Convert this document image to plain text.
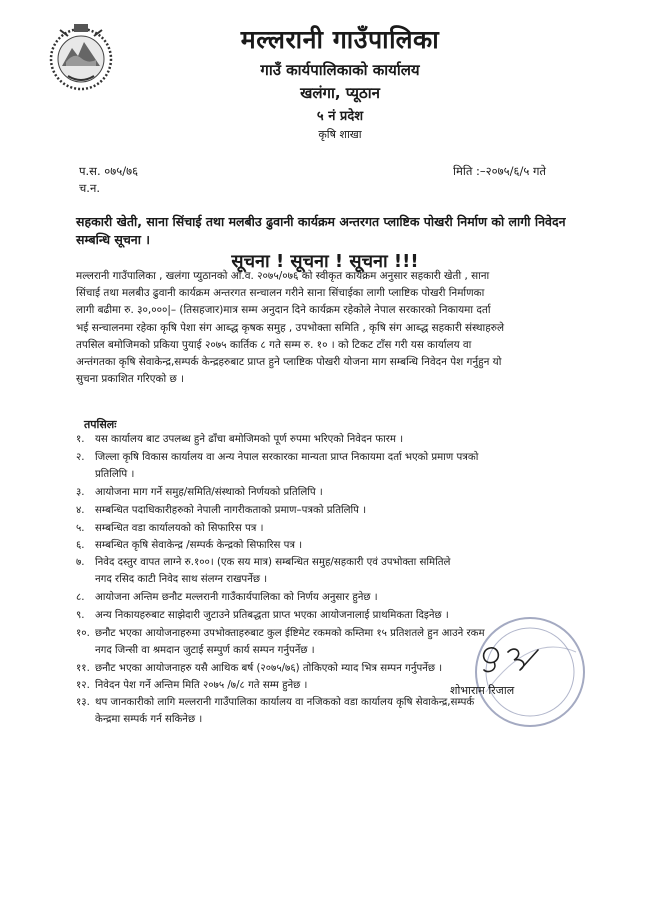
मल्लरानी गाउँपालिका
गाउँ कार्यपालिकाको कार्यालय
खलंगा, प्यूठान
५ नं प्रदेश
कृषि शाखा
प.स. ०७५/७६
च.न.
मिति :–२०७५/६/५ गते
सहकारी खेती, साना सिंचाई तथा मलबीउ ढुवानी कार्यक्रम अन्तरगत प्लाष्टिक पोखरी निर्माण को लागी निवेदन सम्बन्धि सूचना ।
सूचना ! सूचना ! सूचना !!!
मल्लरानी गाउँपालिका , खलंगा प्युठानको आ.व. २०७५/०७६ को स्वीकृत कार्यक्रम अनुसार सहकारी खेती , साना
सिंचाई तथा मलबीउ ढुवानी कार्यक्रम अन्तरगत सन्चालन गरीने साना सिंचाईका लागी प्लाष्टिक पोखरी निर्माणका
लागी बढीमा रु. ३०,०००|– (तिसहजार)मात्र सम्म अनुदान दिने कार्यक्रम रहेकोले नेपाल सरकारको निकायमा दर्ता
भई सन्चालनमा रहेका कृषि पेशा संग आब्द्ध कृषक समुह , उपभोक्ता समिति , कृषि संग आब्द्ध सहकारी संस्थाहरुले
तपसिल बमोजिमको प्रकिया पुयाई २०७५ कार्तिक ८ गते सम्म रु. १० । को टिकट टाँस गरी यस कार्यालय वा
अन्तंगतका कृषि सेवाकेन्द्र,सम्पर्क केन्द्रहरुबाट प्राप्त हुने प्लाष्टिक पोखरी योजना माग सम्बन्धि निवेदन पेश गर्नुहुन यो
सुचना प्रकाशित गरिएको छ ।
तपसिलः
१.	यस कार्यालय बाट उपलब्ध हुने ढाँचा बमोजिमको पूर्ण रुपमा भरिएको निवेदन फारम ।
२.	जिल्ला कृषि विकास कार्यालय वा अन्य नेपाल सरकारका मान्यता प्राप्त निकायमा दर्ता भएको प्रमाण पत्रको
प्रतिलिपि ।
३.	आयोजना माग गर्ने समुह/समिति/संस्थाको निर्णयको प्रतिलिपि ।
४.	सम्बन्धित पदाधिकारीहरुको नेपाली नागरीकताको प्रमाण–पत्रको प्रतिलिपि ।
५.	सम्बन्धित वडा कार्यालयको को सिफारिस पत्र ।
६.	सम्बन्धित कृषि सेवाकेन्द्र /सम्पर्क केन्द्रको सिफारिस पत्र ।
७.	निवेद दस्तुर वापत लाग्ने रु.१००। (एक सय मात्र) सम्बन्धित समुह/सहकारी एवं उपभोक्ता समितिले
नगद रसिद काटी निवेद साथ संलग्न राखपर्नेछ ।
८.	आयोजना अन्तिम छनौट मल्लरानी गाउँकार्यपालिका को निर्णय अनुसार हुनेछ ।
९.	अन्य निकायहरुबाट साझेदारी जुटाउने प्रतिबद्धता प्राप्त भएका आयोजनालाई प्राथमिकता दिइनेछ ।
१०. छनौट भएका आयोजनाहरुमा उपभोक्ताहरुबाट कुल ईष्टिमेट रकमको कम्तिमा १५ प्रतिशतले हुन आउने रकम
नगद जिन्सी वा श्रमदान जुटाई सम्पुर्ण कार्य सम्पन गर्नुपर्नेछ ।
११. छनौट भएका आयोजनाहरु यसै आथिक बर्ष (२०७५/७६) तोकिएको म्याद भित्र सम्पन गर्नुपर्नेछ ।
१२. निवेदन पेश गर्ने अन्तिम मिति २०७५ /७/८ गते सम्म हुनेछ ।
१३. थप जानकारीको लागि मल्लरानी गाउँपालिका कार्यालय वा नजिकको वडा कार्यालय कृषि सेवाकेन्द्र,सम्पर्क
केन्द्रमा सम्पर्क गर्न सकिनेछ ।
शोभाराम रिजाल
